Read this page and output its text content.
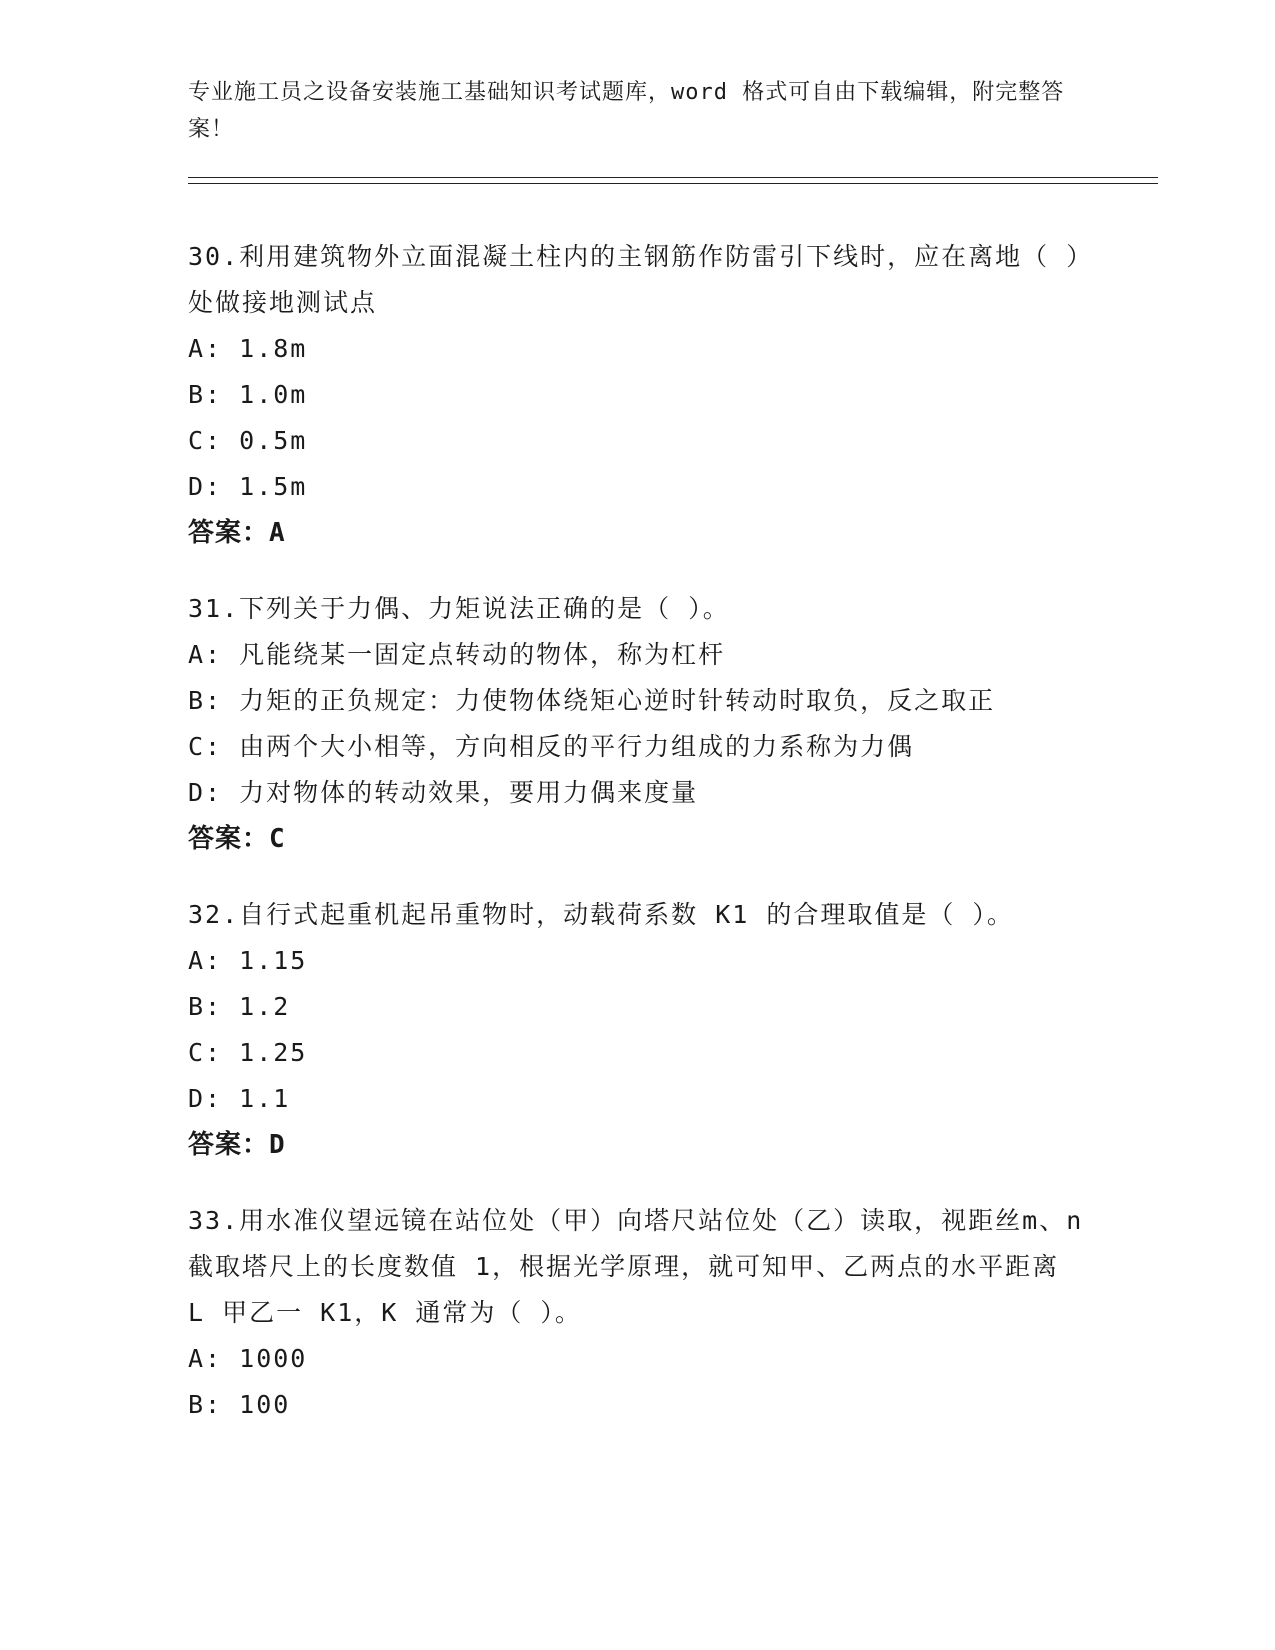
专业施工员之设备安装施工基础知识考试题库，word 格式可自由下载编辑，附完整答案！

30.利用建筑物外立面混凝土柱内的主钢筋作防雷引下线时，应在离地（ ）处做接地测试点

A: 1.8m
B: 1.0m
C: 0.5m
D: 1.5m
答案：A

31.下列关于力偶、力矩说法正确的是（ ）。

A: 凡能绕某一固定点转动的物体，称为杠杆
B: 力矩的正负规定：力使物体绕矩心逆时针转动时取负，反之取正
C: 由两个大小相等，方向相反的平行力组成的力系称为力偶
D: 力对物体的转动效果，要用力偶来度量
答案：C

32.自行式起重机起吊重物时，动载荷系数 K1 的合理取值是（ ）。

A: 1.15
B: 1.2
C: 1.25
D: 1.1
答案：D

33.用水准仪望远镜在站位处（甲）向塔尺站位处（乙）读取，视距丝m、n 截取塔尺上的长度数值 1，根据光学原理，就可知甲、乙两点的水平距离 L 甲乙一 K1，K 通常为（ ）。

A: 1000
B: 100
